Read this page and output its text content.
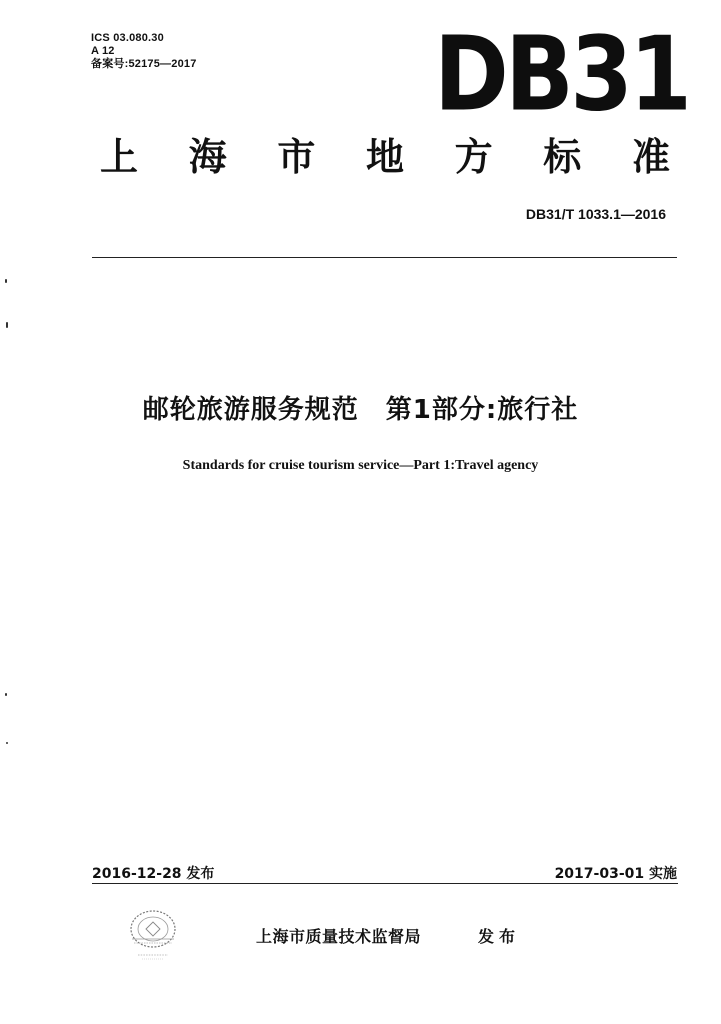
ICS 03.080.30
A 12
备案号:52175—2017 DB31
上 海 市 地 方 标 准
DB31/T 1033.1—2016
邮轮旅游服务规范　第1部分:旅行社
Standards for cruise tourism service—Part 1:Travel agency
2016-12-28 发布	2017-03-01 实施
上海市质量技术监督局	发布
